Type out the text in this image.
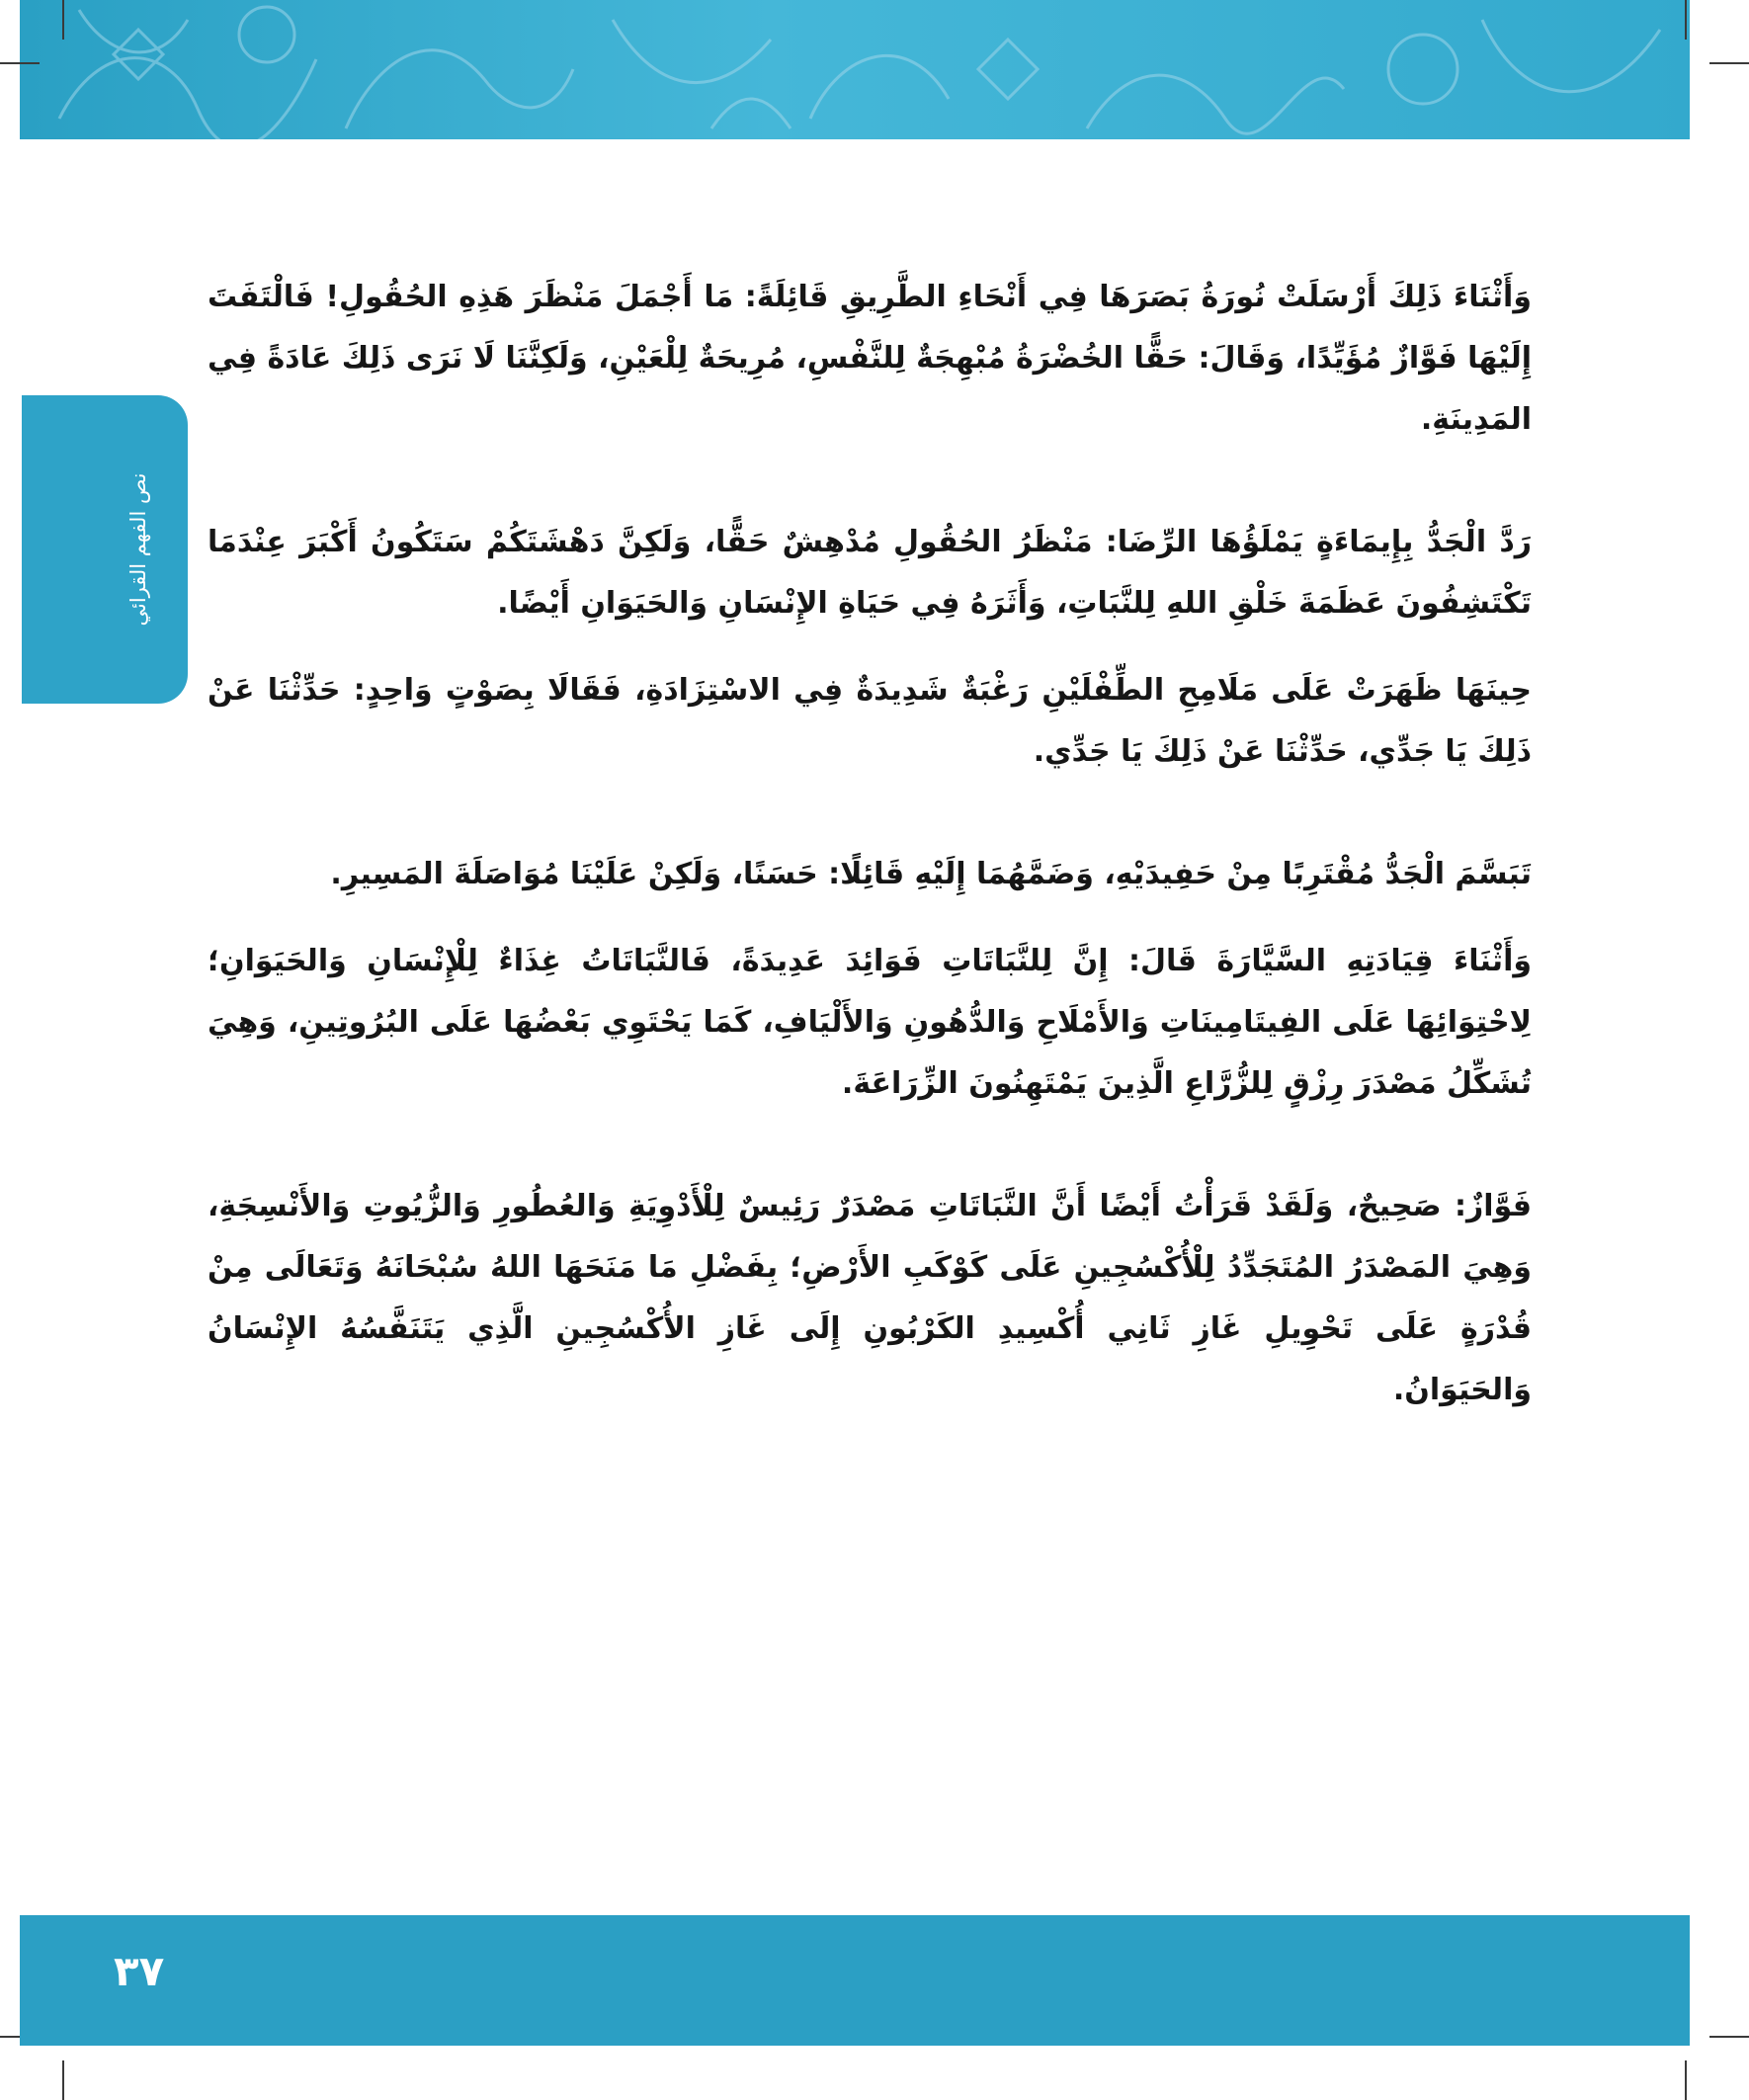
نص الفهم القرائي

وَأَثْنَاءَ ذَلِكَ أَرْسَلَتْ نُورَةُ بَصَرَهَا فِي أَنْحَاءِ الطَّرِيقِ قَائِلَةً: مَا أَجْمَلَ مَنْظَرَ هَذِهِ الحُقُولِ! فَالْتَفَتَ إِلَيْهَا فَوَّازٌ مُؤَيِّدًا، وَقَالَ: حَقًّا الخُضْرَةُ مُبْهِجَةٌ لِلنَّفْسِ، مُرِيحَةٌ لِلْعَيْنِ، وَلَكِنَّنَا لَا نَرَى ذَلِكَ عَادَةً فِي المَدِينَةِ.

رَدَّ الْجَدُّ بِإِيمَاءَةٍ يَمْلَؤُهَا الرِّضَا: مَنْظَرُ الحُقُولِ مُدْهِشٌ حَقًّا، وَلَكِنَّ دَهْشَتَكُمْ سَتَكُونُ أَكْبَرَ عِنْدَمَا تَكْتَشِفُونَ عَظَمَةَ خَلْقِ اللهِ لِلنَّبَاتِ، وَأَثَرَهُ فِي حَيَاةِ الإِنْسَانِ وَالحَيَوَانِ أَيْضًا.

حِينَهَا ظَهَرَتْ عَلَى مَلَامِحِ الطِّفْلَيْنِ رَغْبَةٌ شَدِيدَةٌ فِي الاسْتِزَادَةِ، فَقَالَا بِصَوْتٍ وَاحِدٍ: حَدِّثْنَا عَنْ ذَلِكَ يَا جَدِّي، حَدِّثْنَا عَنْ ذَلِكَ يَا جَدِّي.

تَبَسَّمَ الْجَدُّ مُقْتَرِبًا مِنْ حَفِيدَيْهِ، وَضَمَّهُمَا إِلَيْهِ قَائِلًا: حَسَنًا، وَلَكِنْ عَلَيْنَا مُوَاصَلَةَ المَسِيرِ.

وَأَثْنَاءَ قِيَادَتِهِ السَّيَّارَةَ قَالَ: إِنَّ لِلنَّبَاتَاتِ فَوَائِدَ عَدِيدَةً، فَالنَّبَاتَاتُ غِذَاءٌ لِلْإِنْسَانِ وَالحَيَوَانِ؛ لِاحْتِوَائِهَا عَلَى الفِيتَامِينَاتِ وَالأَمْلَاحِ وَالدُّهُونِ وَالأَلْيَافِ، كَمَا يَحْتَوِي بَعْضُهَا عَلَى البُرُوتِينِ، وَهِيَ تُشَكِّلُ مَصْدَرَ رِزْقٍ لِلزُّرَّاعِ الَّذِينَ يَمْتَهِنُونَ الزِّرَاعَةَ.

فَوَّازٌ: صَحِيحٌ، وَلَقَدْ قَرَأْتُ أَيْضًا أَنَّ النَّبَاتَاتِ مَصْدَرٌ رَئِيسٌ لِلْأَدْوِيَةِ وَالعُطُورِ وَالزُّيُوتِ وَالأَنْسِجَةِ، وَهِيَ المَصْدَرُ المُتَجَدِّدُ لِلْأُكْسُجِينِ عَلَى كَوْكَبِ الأَرْضِ؛ بِفَضْلِ مَا مَنَحَهَا اللهُ سُبْحَانَهُ وَتَعَالَى مِنْ قُدْرَةٍ عَلَى تَحْوِيلِ غَازِ ثَانِي أُكْسِيدِ الكَرْبُونِ إِلَى غَازِ الأُكْسُجِينِ الَّذِي يَتَنَفَّسُهُ الإِنْسَانُ وَالحَيَوَانُ.

٣٧
